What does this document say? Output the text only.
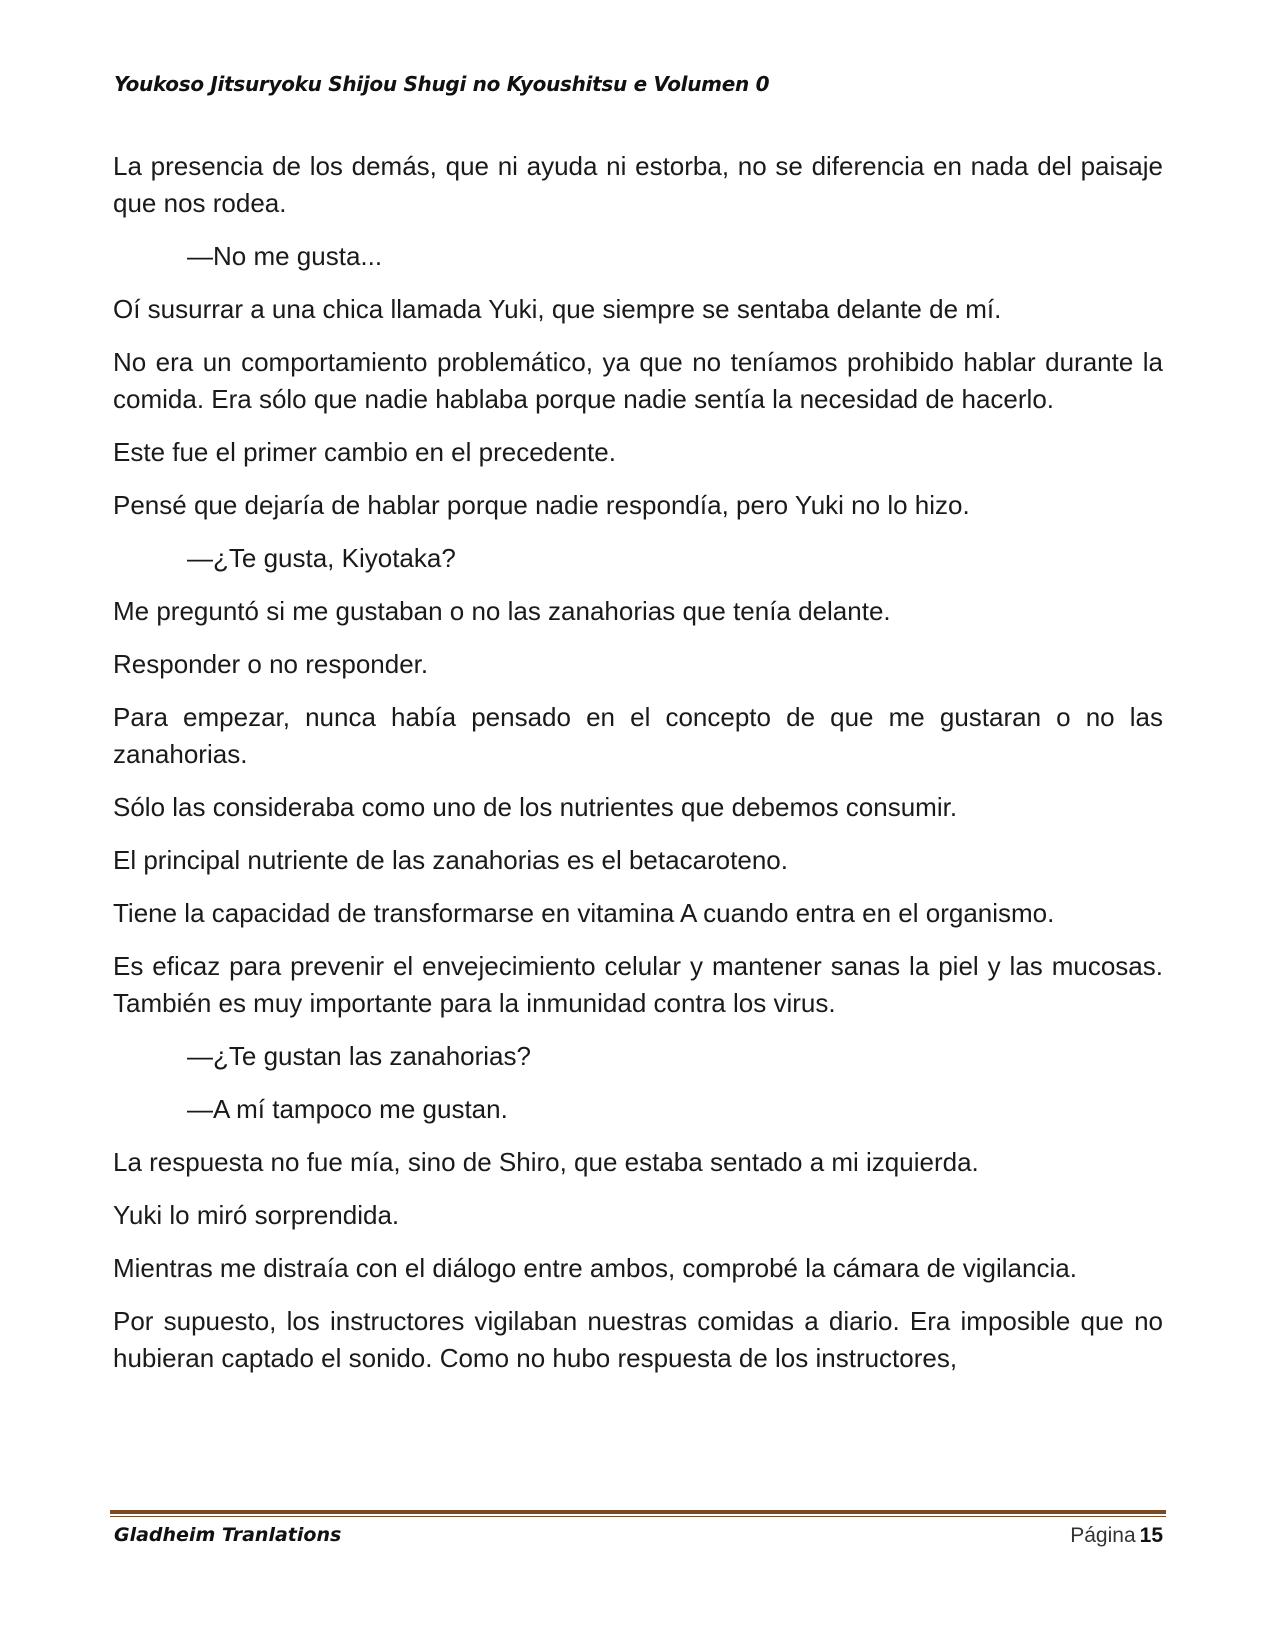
Youkoso Jitsuryoku Shijou Shugi no Kyoushitsu e Volumen 0

La presencia de los demás, que ni ayuda ni estorba, no se diferencia en nada del paisaje que nos rodea.

—No me gusta...

Oí susurrar a una chica llamada Yuki, que siempre se sentaba delante de mí.

No era un comportamiento problemático, ya que no teníamos prohibido hablar durante la comida. Era sólo que nadie hablaba porque nadie sentía la necesidad de hacerlo.

Este fue el primer cambio en el precedente.

Pensé que dejaría de hablar porque nadie respondía, pero Yuki no lo hizo.

—¿Te gusta, Kiyotaka?

Me preguntó si me gustaban o no las zanahorias que tenía delante.

Responder o no responder.

Para empezar, nunca había pensado en el concepto de que me gustaran o no las zanahorias.

Sólo las consideraba como uno de los nutrientes que debemos consumir.

El principal nutriente de las zanahorias es el betacaroteno.

Tiene la capacidad de transformarse en vitamina A cuando entra en el organismo.

Es eficaz para prevenir el envejecimiento celular y mantener sanas la piel y las mucosas. También es muy importante para la inmunidad contra los virus.

—¿Te gustan las zanahorias?

—A mí tampoco me gustan.

La respuesta no fue mía, sino de Shiro, que estaba sentado a mi izquierda.

Yuki lo miró sorprendida.

Mientras me distraía con el diálogo entre ambos, comprobé la cámara de vigilancia.

Por supuesto, los instructores vigilaban nuestras comidas a diario. Era imposible que no hubieran captado el sonido. Como no hubo respuesta de los instructores,

Gladheim Tranlations	Página 15
